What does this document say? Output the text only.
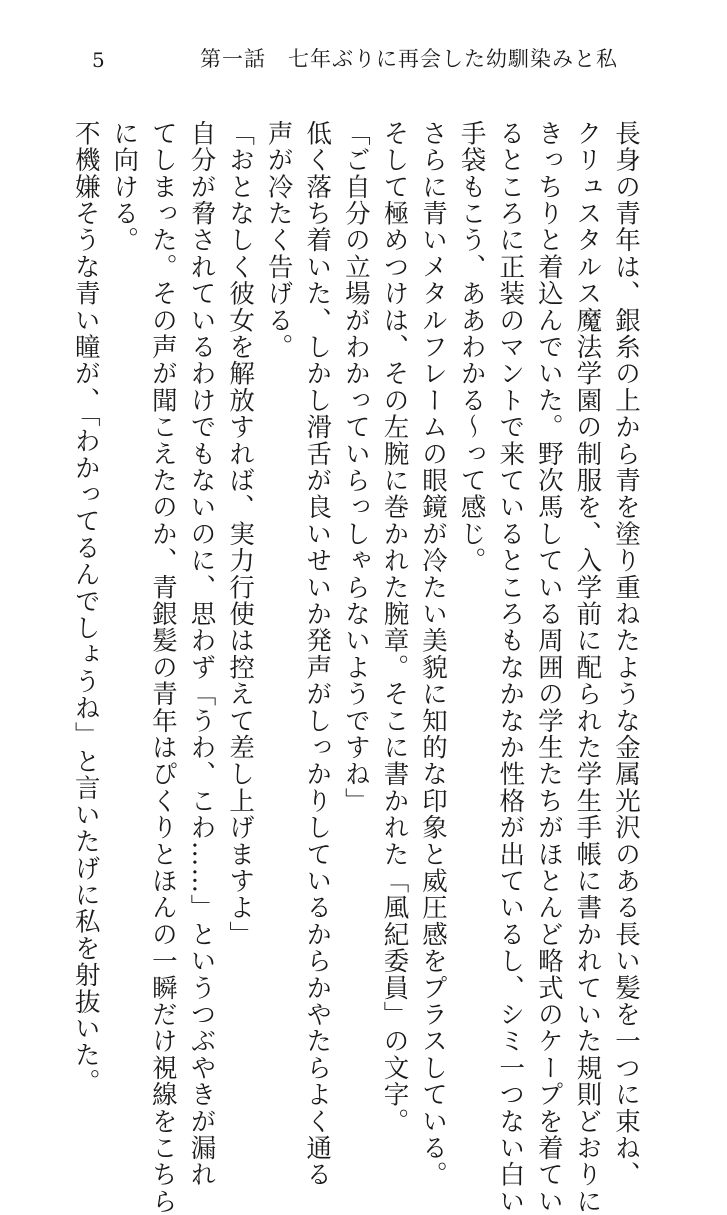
5	第一話　七年ぶりに再会した幼馴染みと私
長身の青年は、銀糸の上から青を塗り重ねたような金属光沢のある長い髪を一つに束ね、
クリュスタルス魔法学園の制服を、入学前に配られた学生手帳に書かれていた規則どおりに
きっちりと着込んでいた。野次馬している周囲の学生たちがほとんど略式のケープを着てい
るところに正装のマントで来ているところもなかなか性格が出ているし、シミ一つない白い
手袋もこう、ああわかる〜って感じ。
さらに青いメタルフレームの眼鏡が冷たい美貌に知的な印象と威圧感をプラスしている。
そして極めつけは、その左腕に巻かれた腕章。そこに書かれた「風紀委員」の文字。
「ご自分の立場がわかっていらっしゃらないようですね」
低く落ち着いた、しかし滑舌が良いせいか発声がしっかりしているからかやたらよく通る
声が冷たく告げる。
「おとなしく彼女を解放すれば、実力行使は控えて差し上げますよ」
自分が脅されているわけでもないのに、思わず「うわ、こわ……」というつぶやきが漏れ
てしまった。その声が聞こえたのか、青銀髪の青年はぴくりとほんの一瞬だけ視線をこちら
に向ける。
不機嫌そうな青い瞳が、「わかってるんでしょうね」と言いたげに私を射抜いた。
